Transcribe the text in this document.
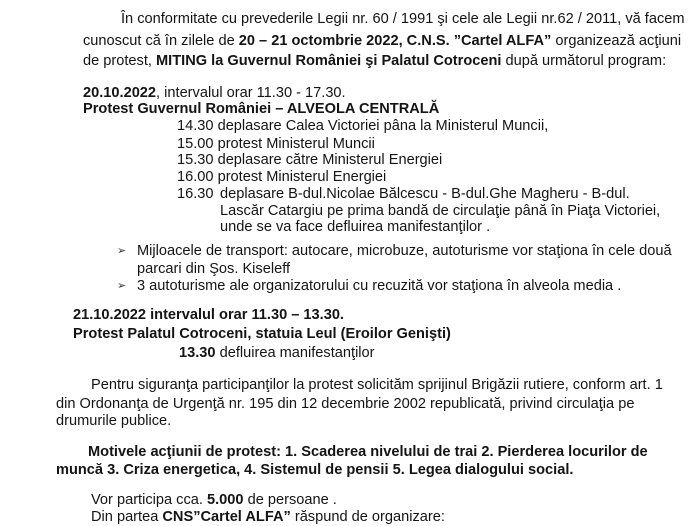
În conformitate cu prevederile Legii nr. 60 / 1991 şi cele ale Legii nr.62 / 2011, vă facem
cunoscut că în zilele de 20 – 21 octombrie 2022, C.N.S. ”Cartel ALFA” organizează acţiuni
de protest, MITING la Guvernul României şi Palatul Cotroceni după următorul program:
20.10.2022, intervalul orar 11.30 - 17.30.
Protest Guvernul României – ALVEOLA CENTRALĂ
14.30 deplasare Calea Victoriei pâna la Ministerul Muncii,
15.00 protest Ministerul Muncii
15.30 deplasare către Ministerul Energiei
16.00 protest Ministerul Energiei
16.30 deplasare B-dul.Nicolae Bălcescu - B-dul.Ghe Magheru - B-dul.
Lascăr Catargiu pe prima bandă de circulaţie până în Piaţa Victoriei,
unde se va face defluirea manifestanţilor .
➢ Mijloacele de transport: autocare, microbuze, autoturisme vor staţiona în cele două
parcari din Şos. Kiseleff
➢ 3 autoturisme ale organizatorului cu recuzită vor staţiona în alveola media .
21.10.2022 intervalul orar 11.30 – 13.30.
Protest Palatul Cotroceni, statuia Leul (Eroilor Genişti)
13.30 defluirea manifestanţilor
Pentru siguranţa participanţilor la protest solicităm sprijinul Brigăzii rutiere, conform art. 1
din Ordonanţa de Urgenţă nr. 195 din 12 decembrie 2002 republicată, privind circulaţia pe
drumurile publice.
Motivele acţiunii de protest: 1. Scaderea nivelului de trai 2. Pierderea locurilor de
muncă 3. Criza energetica, 4. Sistemul de pensii 5. Legea dialogului social.
Vor participa cca. 5.000 de persoane .
Din partea CNS”Cartel ALFA” răspund de organizare:
